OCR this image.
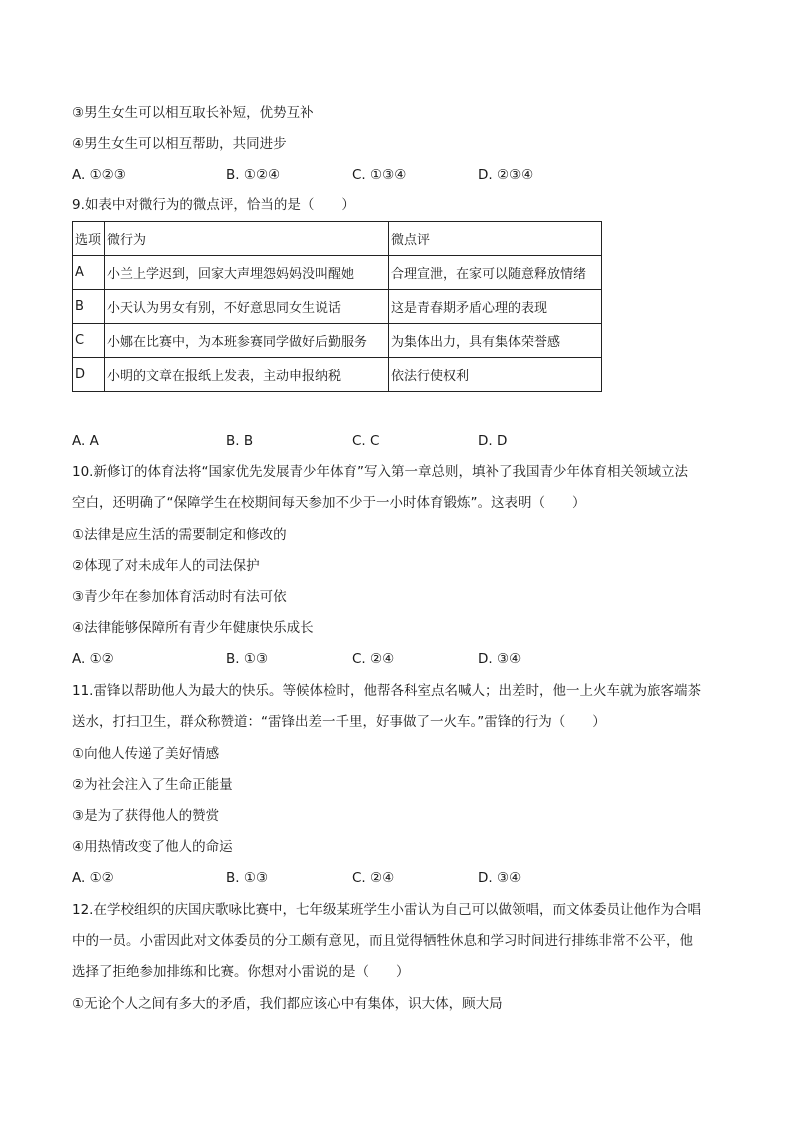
③男生女生可以相互取长补短，优势互补
④男生女生可以相互帮助，共同进步
A. ①②③	B. ①②④	C. ①③④	D. ②③④
9.如表中对微行为的微点评，恰当的是（　　）
选项	微行为	微点评
A	小兰上学迟到，回家大声埋怨妈妈没叫醒她	合理宣泄，在家可以随意释放情绪
B	小天认为男女有别，不好意思同女生说话	这是青春期矛盾心理的表现
C	小娜在比赛中，为本班参赛同学做好后勤服务	为集体出力，具有集体荣誉感
D	小明的文章在报纸上发表，主动申报纳税	依法行使权利
A. A	B. B	C. C	D. D
10.新修订的体育法将“国家优先发展青少年体育”写入第一章总则，填补了我国青少年体育相关领域立法
空白，还明确了“保障学生在校期间每天参加不少于一小时体育锻炼”。这表明（　　）
①法律是应生活的需要制定和修改的
②体现了对未成年人的司法保护
③青少年在参加体育活动时有法可依
④法律能够保障所有青少年健康快乐成长
A. ①②	B. ①③	C. ②④	D. ③④
11.雷锋以帮助他人为最大的快乐。等候体检时，他帮各科室点名喊人；出差时，他一上火车就为旅客端茶
送水，打扫卫生，群众称赞道：“雷锋出差一千里，好事做了一火车。”雷锋的行为（　　）
①向他人传递了美好情感
②为社会注入了生命正能量
③是为了获得他人的赞赏
④用热情改变了他人的命运
A. ①②	B. ①③	C. ②④	D. ③④
12.在学校组织的庆国庆歌咏比赛中，七年级某班学生小雷认为自己可以做领唱，而文体委员让他作为合唱
中的一员。小雷因此对文体委员的分工颇有意见，而且觉得牺牲休息和学习时间进行排练非常不公平，他
选择了拒绝参加排练和比赛。你想对小雷说的是（　　）
①无论个人之间有多大的矛盾，我们都应该心中有集体，识大体，顾大局
